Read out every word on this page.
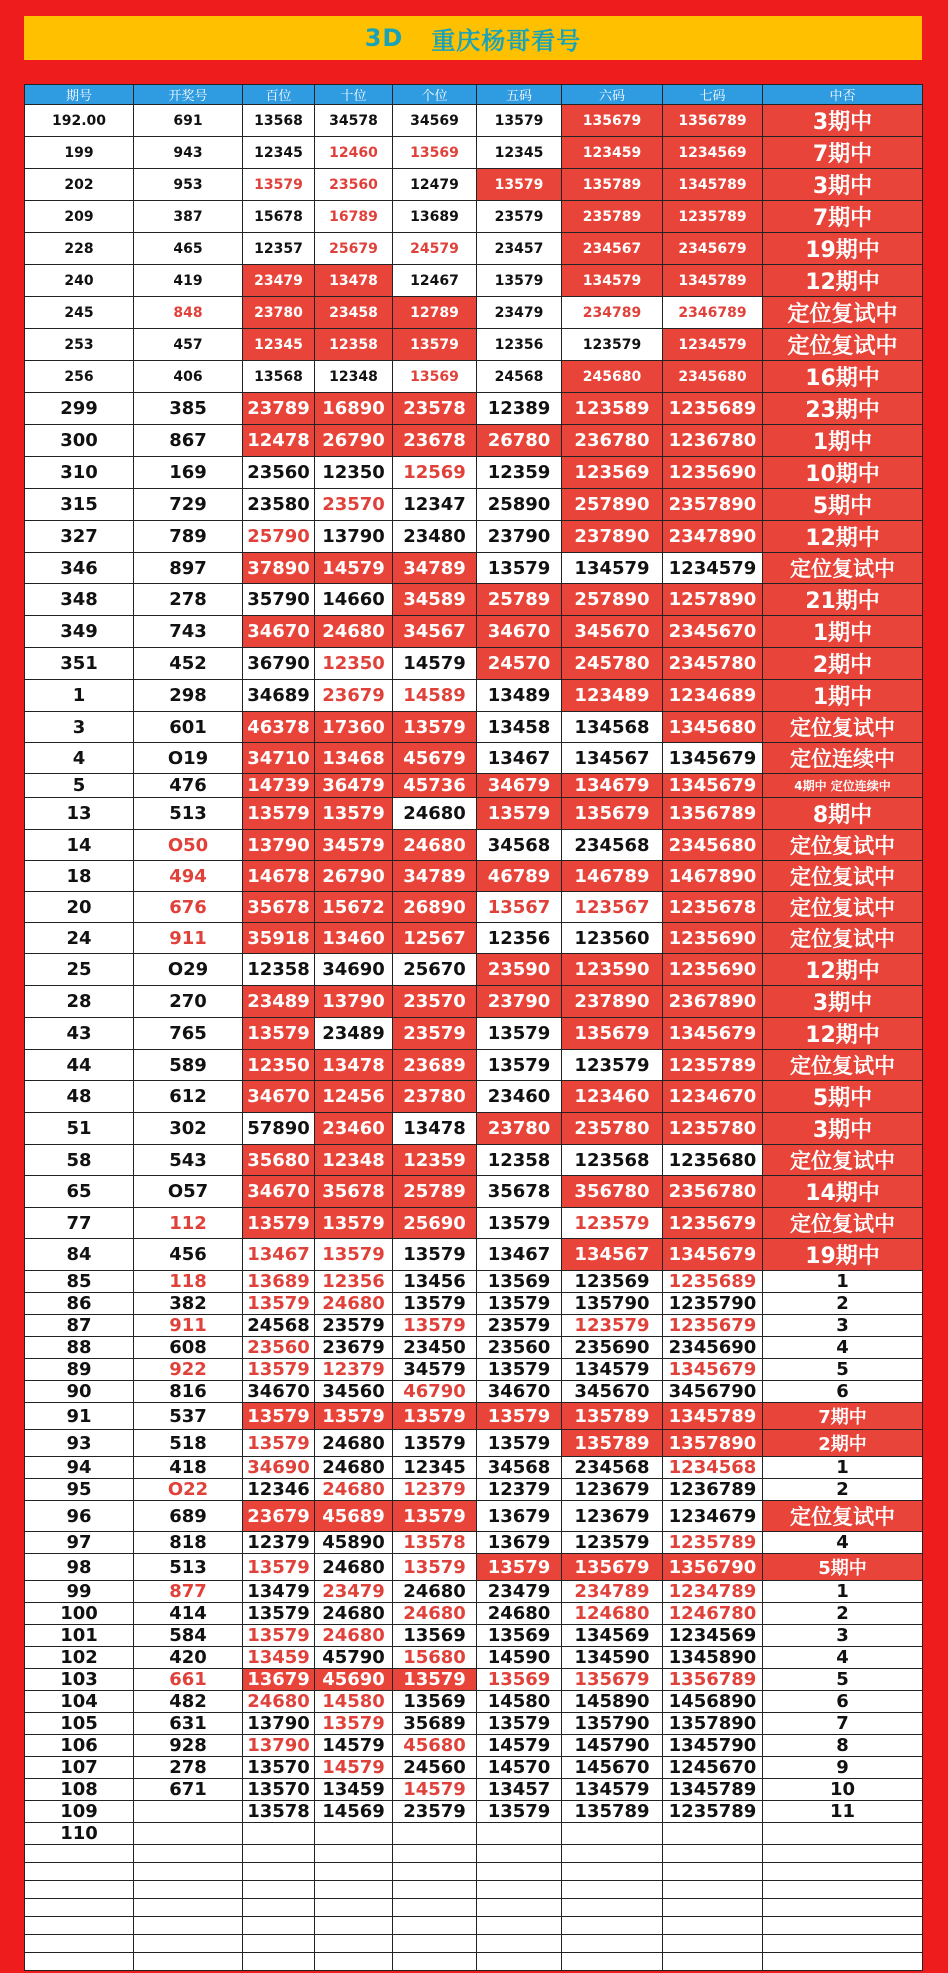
3D 重庆杨哥看号
期号	开奖号	百位	十位	个位	五码	六码	七码	中否
192.00	691	13568	34578	34569	13579	135679	1356789	3期中
199	943	12345	12460	13569	12345	123459	1234569	7期中
202	953	13579	23560	12479	13579	135789	1345789	3期中
209	387	15678	16789	13689	23579	235789	1235789	7期中
228	465	12357	25679	24579	23457	234567	2345679	19期中
240	419	23479	13478	12467	13579	134579	1345789	12期中
245	848	23780	23458	12789	23479	234789	2346789	定位复试中
253	457	12345	12358	13579	12356	123579	1234579	定位复试中
256	406	13568	12348	13569	24568	245680	2345680	16期中
299	385	23789	16890	23578	12389	123589	1235689	23期中
300	867	12478	26790	23678	26780	236780	1236780	1期中
310	169	23560	12350	12569	12359	123569	1235690	10期中
315	729	23580	23570	12347	25890	257890	2357890	5期中
327	789	25790	13790	23480	23790	237890	2347890	12期中
346	897	37890	14579	34789	13579	134579	1234579	定位复试中
348	278	35790	14660	34589	25789	257890	1257890	21期中
349	743	34670	24680	34567	34670	345670	2345670	1期中
351	452	36790	12350	14579	24570	245780	2345780	2期中
1	298	34689	23679	14589	13489	123489	1234689	1期中
3	601	46378	17360	13579	13458	134568	1345680	定位复试中
4	O19	34710	13468	45679	13467	134567	1345679	定位连续中
5	476	14739	36479	45736	34679	134679	1345679	4期中 定位连续中
13	513	13579	13579	24680	13579	135679	1356789	8期中
14	O50	13790	34579	24680	34568	234568	2345680	定位复试中
18	494	14678	26790	34789	46789	146789	1467890	定位复试中
20	676	35678	15672	26890	13567	123567	1235678	定位复试中
24	911	35918	13460	12567	12356	123560	1235690	定位复试中
25	O29	12358	34690	25670	23590	123590	1235690	12期中
28	270	23489	13790	23570	23790	237890	2367890	3期中
43	765	13579	23489	23579	13579	135679	1345679	12期中
44	589	12350	13478	23689	13579	123579	1235789	定位复试中
48	612	34670	12456	23780	23460	123460	1234670	5期中
51	302	57890	23460	13478	23780	235780	1235780	3期中
58	543	35680	12348	12359	12358	123568	1235680	定位复试中
65	O57	34670	35678	25789	35678	356780	2356780	14期中
77	112	13579	13579	25690	13579	123579	1235679	定位复试中
84	456	13467	13579	13579	13467	134567	1345679	19期中
85	118	13689	12356	13456	13569	123569	1235689	1
86	382	13579	24680	13579	13579	135790	1235790	2
87	911	24568	23579	13579	23579	123579	1235679	3
88	608	23560	23679	23450	23560	235690	2345690	4
89	922	13579	12379	34579	13579	134579	1345679	5
90	816	34670	34560	46790	34670	345670	3456790	6
91	537	13579	13579	13579	13579	135789	1345789	7期中
93	518	13579	24680	13579	13579	135789	1357890	2期中
94	418	34690	24680	12345	34568	234568	1234568	1
95	O22	12346	24680	12379	12379	123679	1236789	2
96	689	23679	45689	13579	13679	123679	1234679	定位复试中
97	818	12379	45890	13578	13679	123579	1235789	4
98	513	13579	24680	13579	13579	135679	1356790	5期中
99	877	13479	23479	24680	23479	234789	1234789	1
100	414	13579	24680	24680	24680	124680	1246780	2
101	584	13579	24680	13569	13569	134569	1234569	3
102	420	13459	45790	15680	14590	134590	1345890	4
103	661	13679	45690	13579	13569	135679	1356789	5
104	482	24680	14580	13569	14580	145890	1456890	6
105	631	13790	13579	35689	13579	135790	1357890	7
106	928	13790	14579	45680	14579	145790	1345790	8
107	278	13570	14579	24560	14570	145670	1245670	9
108	671	13570	13459	14579	13457	134579	1345789	10
109		13578	14569	23579	13579	135789	1235789	11
110								
